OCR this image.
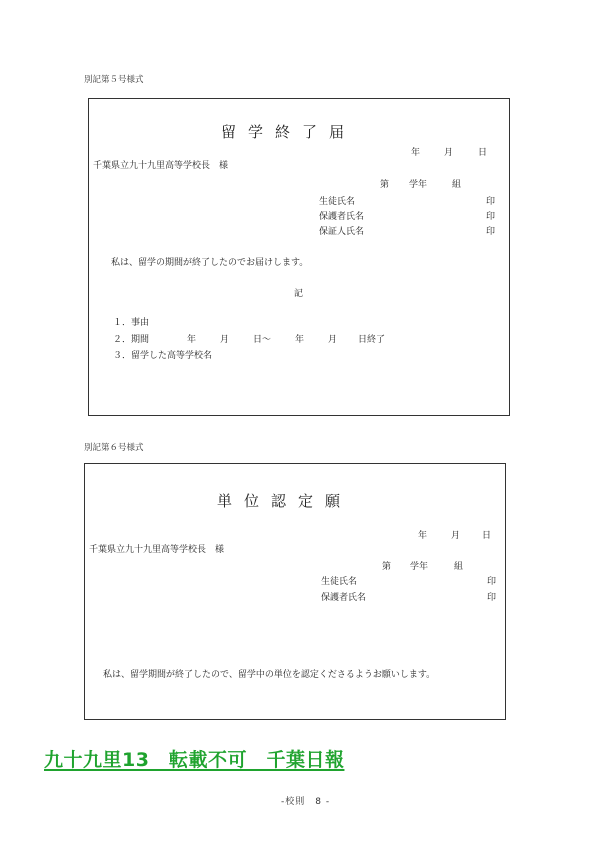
別記第５号様式
留学終了届
年	月	日
千葉県立九十九里高等学校長　様
第 学年	組
生徒氏名	印
保護者氏名	印
保証人氏名	印
私は、留学の期間が終了したのでお届けします。
記
１．事由
２．期間	年	月	日〜	年	月 日終了
３．留学した高等学校名
別記第６号様式
単位認定願
年	月 日
千葉県立九十九里高等学校長　様
第 学年	組
生徒氏名	印
保護者氏名	印
私は、留学期間が終了したので、留学中の単位を認定くださるようお願いします。
九十九里13　転載不可　千葉日報
-校則　8 -
